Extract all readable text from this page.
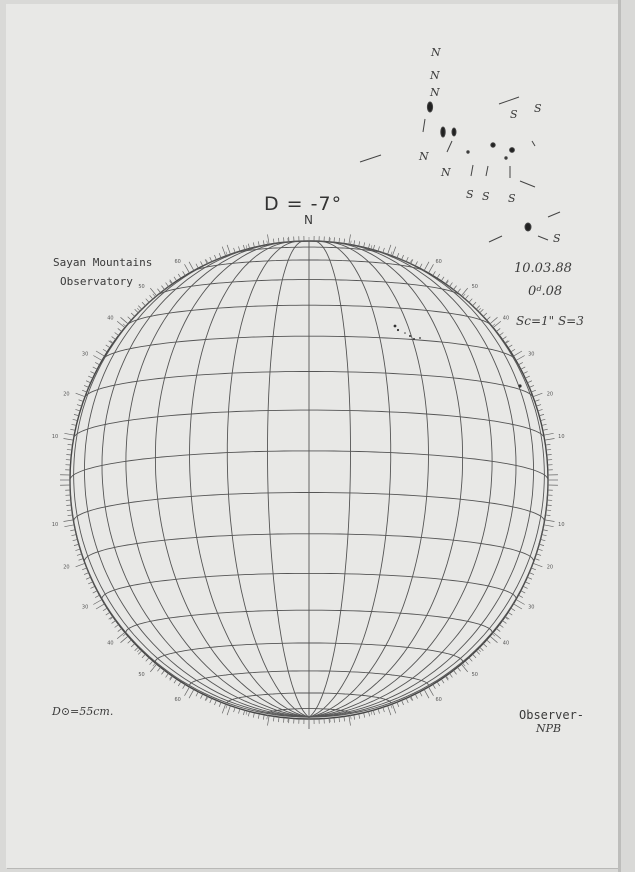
10
10
10
10
20
20
20
20
30
30
30
30
40
40
40
40
50
50
50
50
60
60
60
60
N
N
N
N
N
S S
S S S
S
D = -7°
N
Sayan Mountains
Observatory
10.03.88
0ᵈ.08
Sc=1" S=3
D⊙=55cm.	Observer-
NPB
